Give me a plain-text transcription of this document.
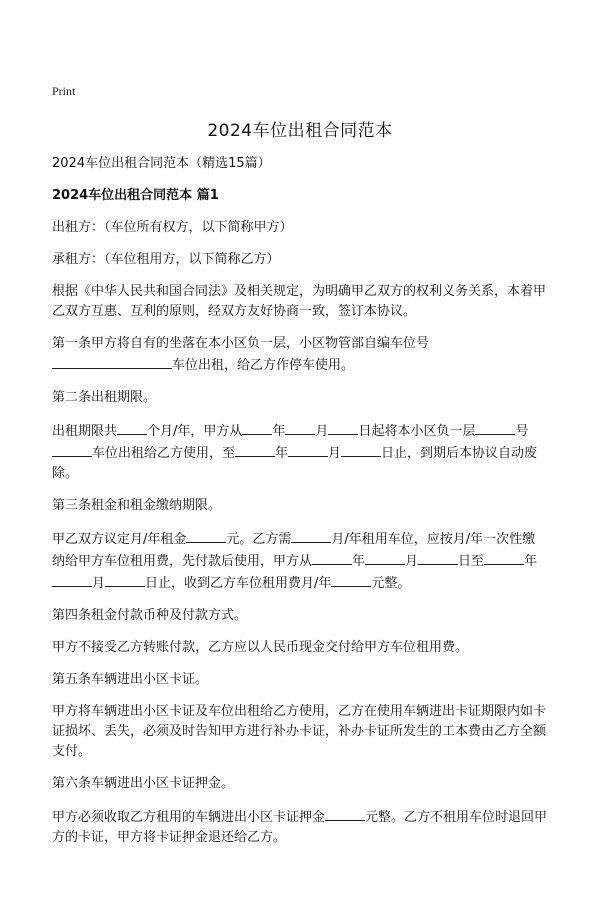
Print
2024车位出租合同范本

2024车位出租合同范本（精选15篇）

2024车位出租合同范本 篇1

出租方：（车位所有权方，以下简称甲方）

承租方：（车位租用方，以下简称乙方）

根据《中华人民共和国合同法》及相关规定，为明确甲乙双方的权利义务关系，本着甲乙双方互惠、互利的原则，经双方友好协商一致，签订本协议。

第一条甲方将自有的坐落在本小区负一层，小区物管部自编车位号车位出租，给乙方作停车使用。

第二条出租期限。

出租期限共 个月/年，甲方从 年 月 日起将本小区负一层	号车位出租给乙方使用，至	年	月	日止，到期后本协议自动废除。

第三条租金和租金缴纳期限。

甲乙双方议定月/年租金	元。乙方需	月/年租用车位，应按月/年一次性缴纳给甲方车位租用费，先付款后使用，甲方从	年	月	日至	年月	日止，收到乙方车位租用费月/年	元整。

第四条租金付款币种及付款方式。

甲方不接受乙方转账付款，乙方应以人民币现金交付给甲方车位租用费。

第五条车辆进出小区卡证。

甲方将车辆进出小区卡证及车位出租给乙方使用，乙方在使用车辆进出卡证期限内如卡证损坏、丢失，必须及时告知甲方进行补办卡证，补办卡证所发生的工本费由乙方全额支付。

第六条车辆进出小区卡证押金。

甲方必须收取乙方租用的车辆进出小区卡证押金	元整。乙方不租用车位时退回甲方的卡证，甲方将卡证押金退还给乙方。
